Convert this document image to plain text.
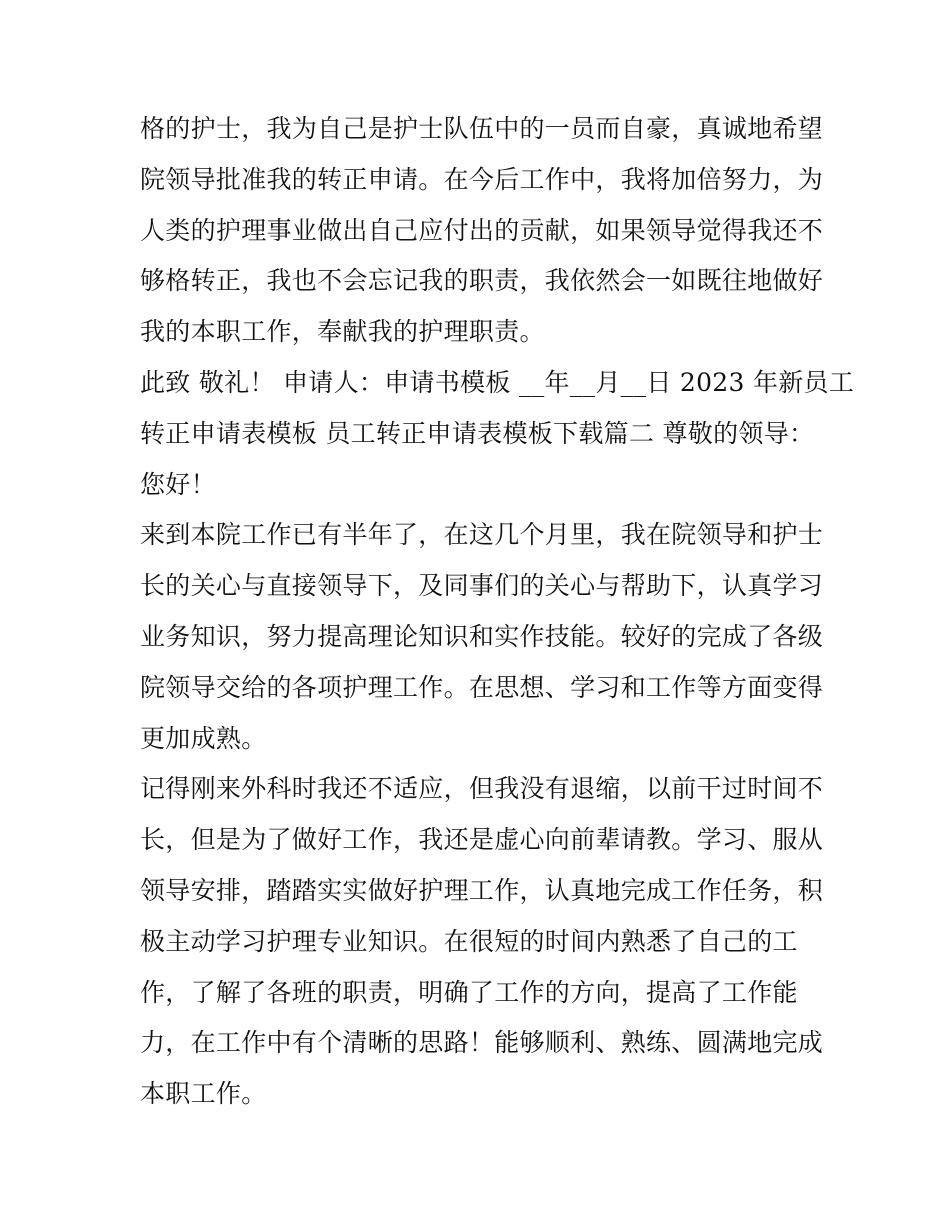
格的护士，我为自己是护士队伍中的一员而自豪，真诚地希望
院领导批准我的转正申请。在今后工作中，我将加倍努力，为
人类的护理事业做出自己应付出的贡献，如果领导觉得我还不
够格转正，我也不会忘记我的职责，我依然会一如既往地做好
我的本职工作，奉献我的护理职责。
此致 敬礼！ 申请人：申请书模板 __年__月__日 2023 年新员工
转正申请表模板 员工转正申请表模板下载篇二 尊敬的领导：
您好！
来到本院工作已有半年了，在这几个月里，我在院领导和护士
长的关心与直接领导下，及同事们的关心与帮助下，认真学习
业务知识，努力提高理论知识和实作技能。较好的完成了各级
院领导交给的各项护理工作。在思想、学习和工作等方面变得
更加成熟。
记得刚来外科时我还不适应，但我没有退缩，以前干过时间不
长，但是为了做好工作，我还是虚心向前辈请教。学习、服从
领导安排，踏踏实实做好护理工作，认真地完成工作任务，积
极主动学习护理专业知识。在很短的时间内熟悉了自己的工
作，了解了各班的职责，明确了工作的方向，提高了工作能
力，在工作中有个清晰的思路！能够顺利、熟练、圆满地完成
本职工作。
